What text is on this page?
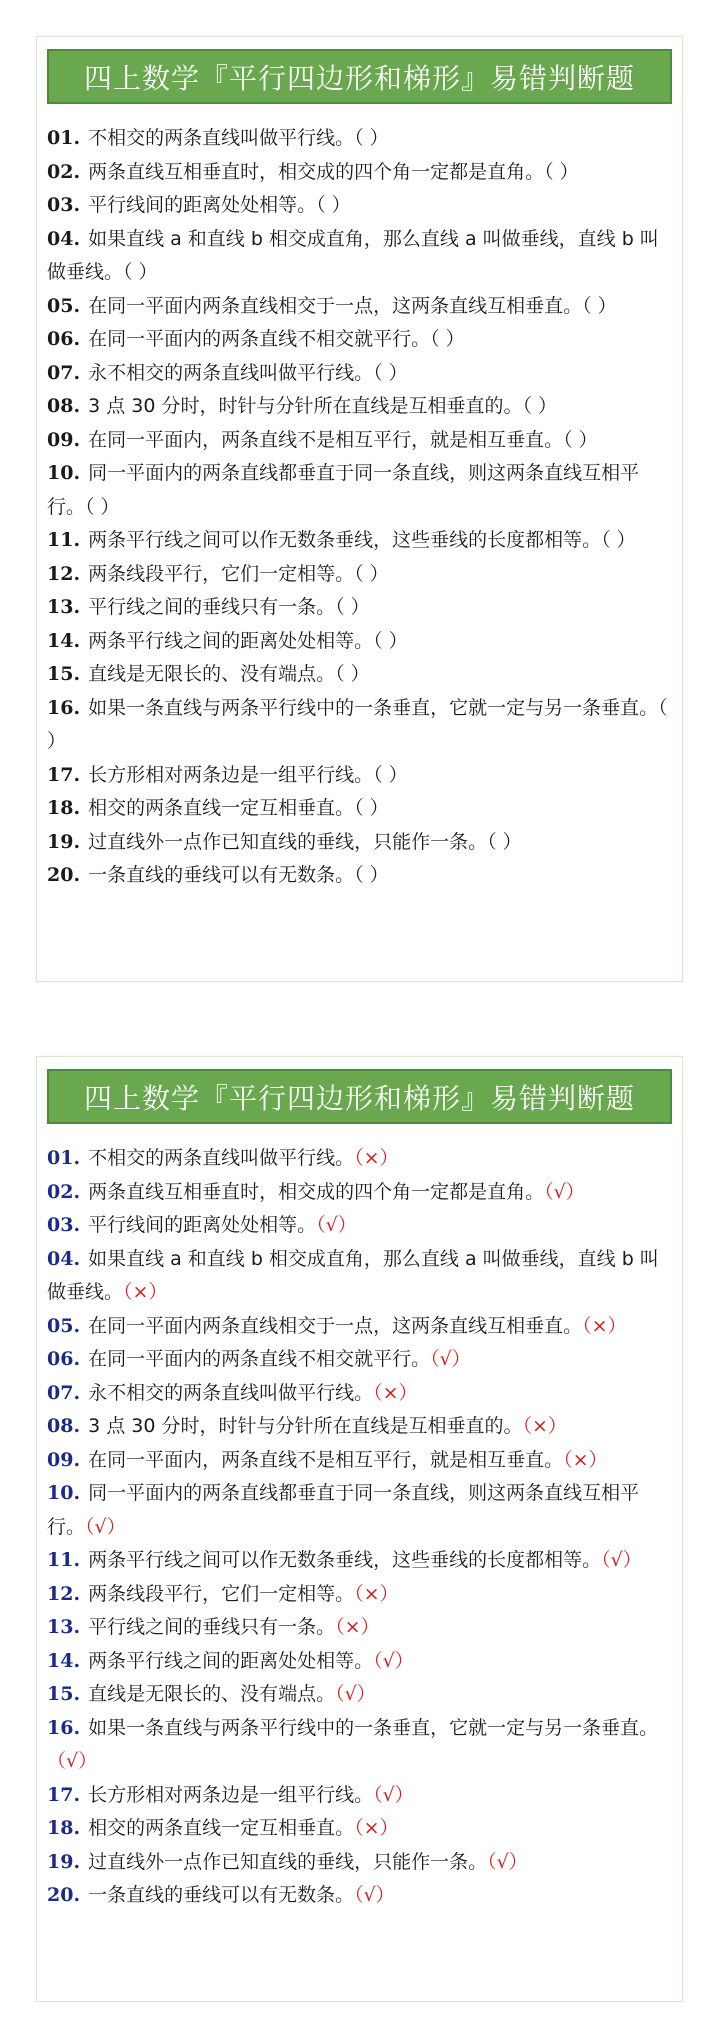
四上数学『平行四边形和梯形』易错判断题
01. 不相交的两条直线叫做平行线。（ ）
02. 两条直线互相垂直时，相交成的四个角一定都是直角。（ ）
03. 平行线间的距离处处相等。（ ）
04. 如果直线 a 和直线 b 相交成直角，那么直线 a 叫做垂线，直线 b 叫做垂线。（ ）
05. 在同一平面内两条直线相交于一点，这两条直线互相垂直。（ ）
06. 在同一平面内的两条直线不相交就平行。（ ）
07. 永不相交的两条直线叫做平行线。（ ）
08. 3 点 30 分时，时针与分针所在直线是互相垂直的。（ ）
09. 在同一平面内，两条直线不是相互平行，就是相互垂直。（ ）
10. 同一平面内的两条直线都垂直于同一条直线，则这两条直线互相平行。（ ）
11. 两条平行线之间可以作无数条垂线，这些垂线的长度都相等。（ ）
12. 两条线段平行，它们一定相等。（ ）
13. 平行线之间的垂线只有一条。（ ）
14. 两条平行线之间的距离处处相等。（ ）
15. 直线是无限长的、没有端点。（ ）
16. 如果一条直线与两条平行线中的一条垂直，它就一定与另一条垂直。（ ）
17. 长方形相对两条边是一组平行线。（ ）
18. 相交的两条直线一定互相垂直。（ ）
19. 过直线外一点作已知直线的垂线，只能作一条。（ ）
20. 一条直线的垂线可以有无数条。（ ）
四上数学『平行四边形和梯形』易错判断题
01. 不相交的两条直线叫做平行线。（×）
02. 两条直线互相垂直时，相交成的四个角一定都是直角。（√）
03. 平行线间的距离处处相等。（√）
04. 如果直线 a 和直线 b 相交成直角，那么直线 a 叫做垂线，直线 b 叫做垂线。（×）
05. 在同一平面内两条直线相交于一点，这两条直线互相垂直。（×）
06. 在同一平面内的两条直线不相交就平行。（√）
07. 永不相交的两条直线叫做平行线。（×）
08. 3 点 30 分时，时针与分针所在直线是互相垂直的。（×）
09. 在同一平面内，两条直线不是相互平行，就是相互垂直。（×）
10. 同一平面内的两条直线都垂直于同一条直线，则这两条直线互相平行。（√）
11. 两条平行线之间可以作无数条垂线，这些垂线的长度都相等。（√）
12. 两条线段平行，它们一定相等。（×）
13. 平行线之间的垂线只有一条。（×）
14. 两条平行线之间的距离处处相等。（√）
15. 直线是无限长的、没有端点。（√）
16. 如果一条直线与两条平行线中的一条垂直，它就一定与另一条垂直。（√）
17. 长方形相对两条边是一组平行线。（√）
18. 相交的两条直线一定互相垂直。（×）
19. 过直线外一点作已知直线的垂线，只能作一条。（√）
20. 一条直线的垂线可以有无数条。（√）
